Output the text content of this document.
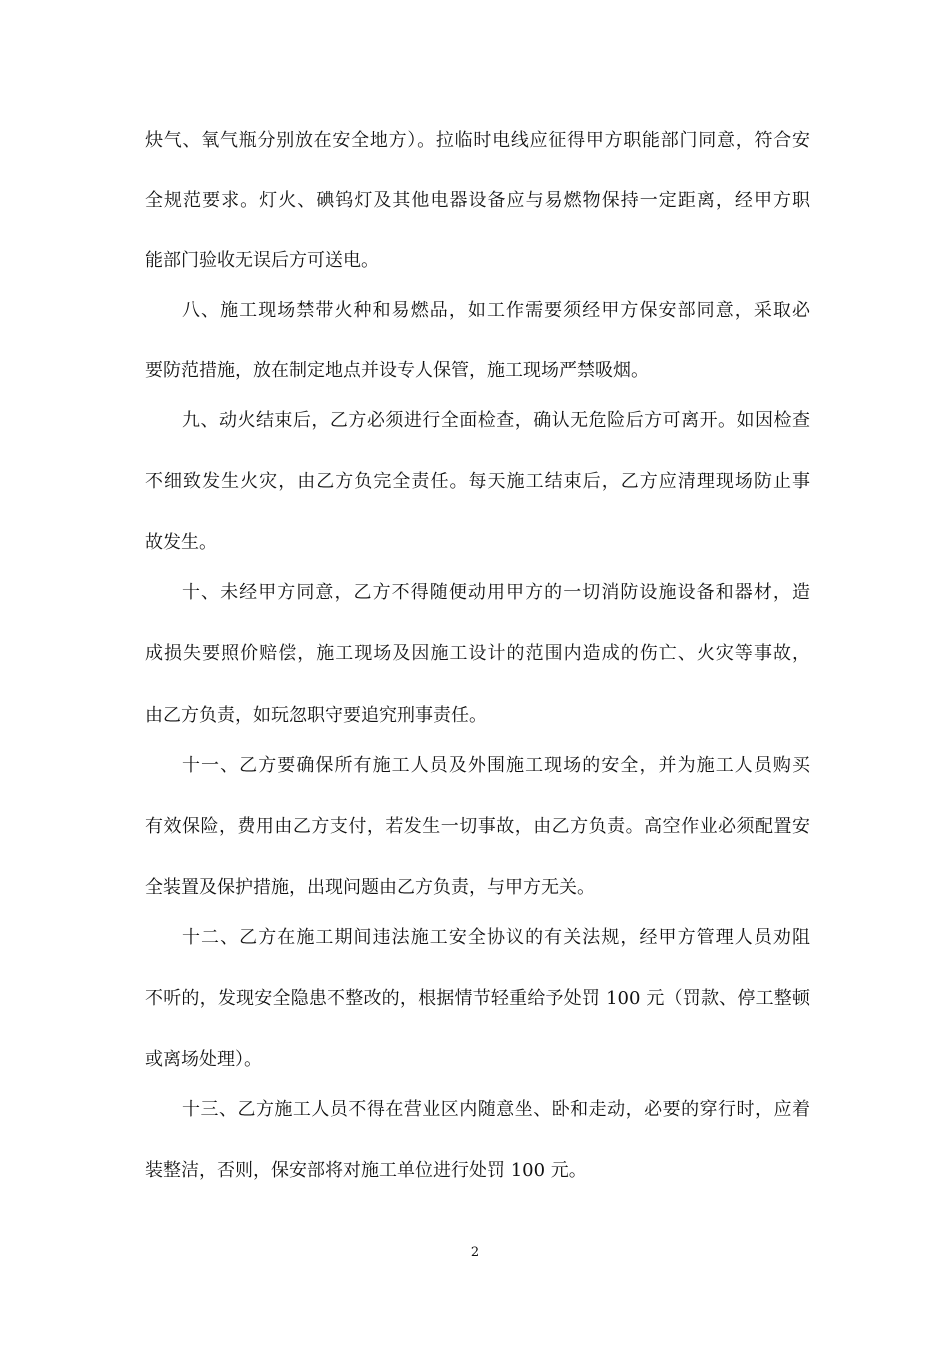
炔气、氧气瓶分别放在安全地方）。拉临时电线应征得甲方职能部门同意，符合安
全规范要求。灯火、碘钨灯及其他电器设备应与易燃物保持一定距离，经甲方职
能部门验收无误后方可送电。
八、施工现场禁带火种和易燃品，如工作需要须经甲方保安部同意，采取必
要防范措施，放在制定地点并设专人保管，施工现场严禁吸烟。
九、动火结束后，乙方必须进行全面检查，确认无危险后方可离开。如因检查
不细致发生火灾，由乙方负完全责任。每天施工结束后，乙方应清理现场防止事
故发生。
十、未经甲方同意，乙方不得随便动用甲方的一切消防设施设备和器材，造
成损失要照价赔偿，施工现场及因施工设计的范围内造成的伤亡、火灾等事故，
由乙方负责，如玩忽职守要追究刑事责任。
十一、乙方要确保所有施工人员及外围施工现场的安全，并为施工人员购买
有效保险，费用由乙方支付，若发生一切事故，由乙方负责。高空作业必须配置安
全装置及保护措施，出现问题由乙方负责，与甲方无关。
十二、乙方在施工期间违法施工安全协议的有关法规，经甲方管理人员劝阻
不听的，发现安全隐患不整改的，根据情节轻重给予处罚 100 元（罚款、停工整顿
或离场处理）。
十三、乙方施工人员不得在营业区内随意坐、卧和走动，必要的穿行时，应着
装整洁，否则，保安部将对施工单位进行处罚 100 元。
2
